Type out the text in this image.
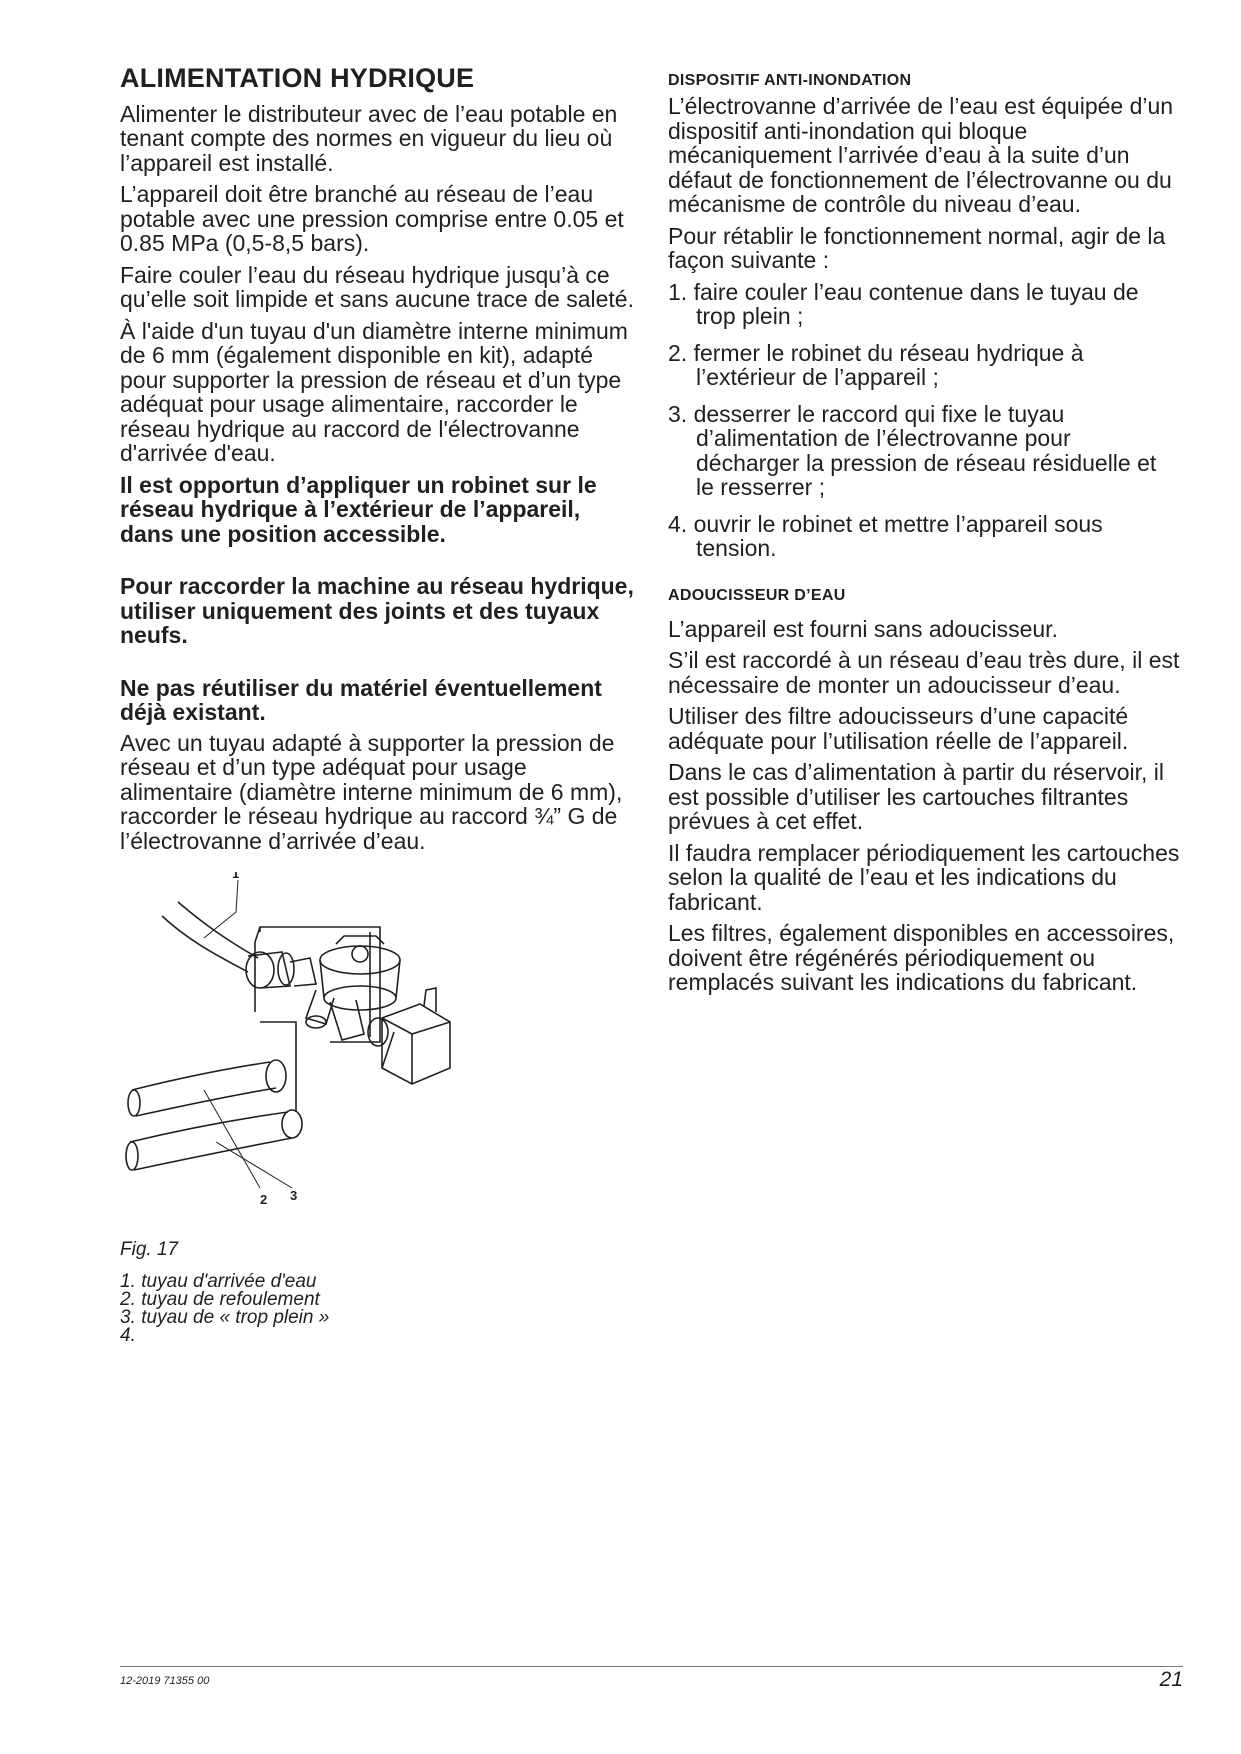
ALIMENTATION HYDRIQUE

Alimenter le distributeur avec de l’eau potable en tenant compte des normes en vigueur du lieu où l’appareil est installé.

L’appareil doit être branché au réseau de l’eau potable avec une pression comprise entre 0.05 et 0.85 MPa (0,5-8,5 bars).

Faire couler l’eau du réseau hydrique jusqu’à ce qu’elle soit limpide et sans aucune trace de saleté.

À l'aide d'un tuyau d'un diamètre interne minimum de 6 mm (également disponible en kit), adapté pour supporter la pression de réseau et d’un type adéquat pour usage alimentaire, raccorder le réseau hydrique au raccord de l'électrovanne d'arrivée d'eau.

Il est opportun d’appliquer un robinet sur le réseau hydrique à l’extérieur de l’appareil, dans une position accessible.

Pour raccorder la machine au réseau hydrique, utiliser uniquement des joints et des tuyaux neufs.

Ne pas réutiliser du matériel éventuellement déjà existant.

Avec un tuyau adapté à supporter la pression de réseau et d’un type adéquat pour usage alimentaire (diamètre interne minimum de 6 mm), raccorder le réseau hydrique au raccord ¾” G de l’électrovanne d’arrivée d’eau.

1
2 3
Fig. 17
1. tuyau d'arrivée d'eau
2. tuyau de refoulement
3. tuyau de « trop plein »
4.
DISPOSITIF ANTI-INONDATION

L’électrovanne d’arrivée de l’eau est équipée d’un dispositif anti-inondation qui bloque mécaniquement l’arrivée d’eau à la suite d’un défaut de fonctionnement de l’électrovanne ou du mécanisme de contrôle du niveau d’eau.

Pour rétablir le fonctionnement normal, agir de la façon suivante :

1. faire couler l’eau contenue dans le tuyau de trop plein ;
2. fermer le robinet du réseau hydrique à l’extérieur de l’appareil ;
3. desserrer le raccord qui fixe le tuyau d’alimentation de l’électrovanne pour décharger la pression de réseau résiduelle et le resserrer ;
4. ouvrir le robinet et mettre l’appareil sous tension.
ADOUCISSEUR D’EAU

L’appareil est fourni sans adoucisseur.

S’il est raccordé à un réseau d’eau très dure, il est nécessaire de monter un adoucisseur d’eau.

Utiliser des filtre adoucisseurs d’une capacité adéquate pour l’utilisation réelle de l’appareil.

Dans le cas d’alimentation à partir du réservoir, il est possible d’utiliser les cartouches filtrantes prévues à cet effet.

Il faudra remplacer périodiquement les cartouches selon la qualité de l’eau et les indications du fabricant.

Les filtres, également disponibles en accessoires, doivent être régénérés périodiquement ou remplacés suivant les indications du fabricant.

12-2019 71355 00	21
